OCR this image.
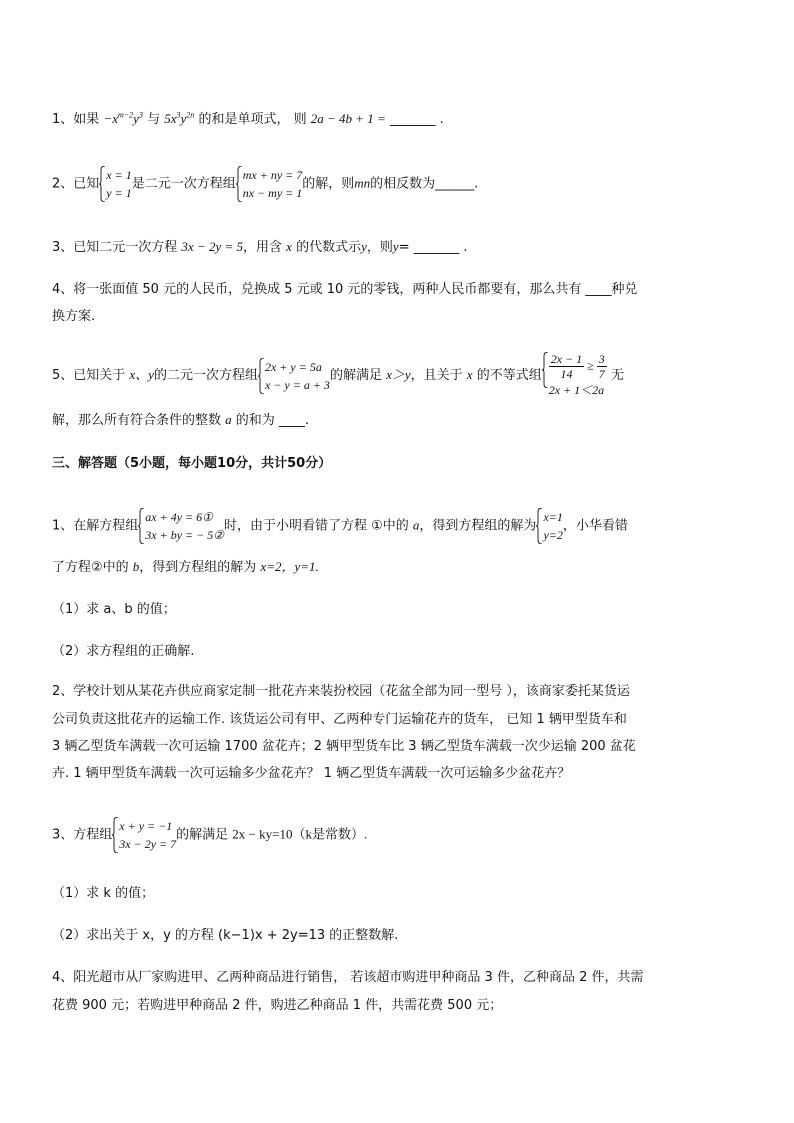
1、如果 $-x^{m-2}y^3$ 与 $5x^3y^{2n}$ 的和是单项式， 则 2a − 4b + 1 = _______ .
2、已知
x = 1
y = 1
是二元一次方程组
mx + ny = 7
nx − my = 1
的解，则mn的相反数为______.
3、已知二元一次方程 3x − 2y = 5，用含 x 的代数式示y，则y= _______ .
4、将一张面值 50 元的人民币，兑换成 5 元或 10 元的零钱，两种人民币都要有，那么共有 ____种兑
换方案.
5、已知关于 x、y的二元一次方程组
2x + y = 5a
x − y = a + 3
的解满足 x＞y，且关于 x 的不等式组 $\frac{2x - 1}{14} \ge \frac{3}{7}$
2x + 1＜2a
无
解，那么所有符合条件的整数 a 的和为 ____.
三、解答题（5小题，每小题10分，共计50分）
1、在解方程组
ax + 4y = 6①
3x + by = − 5②
时，由于小明看错了方程 ①中的 a，得到方程组的解为
x=1
y=2
，小华看错
了方程②中的 b，得到方程组的解为 x=2，y=1.
（1）求 a、b 的值；
（2）求方程组的正确解.
2、学校计划从某花卉供应商家定制一批花卉来装扮校园（花盆全部为同一型号 ），该商家委托某货运
公司负责这批花卉的运输工作. 该货运公司有甲、乙两种专门运输花卉的货车， 已知 1 辆甲型货车和
3 辆乙型货车满载一次可运输 1700 盆花卉；2 辆甲型货车比 3 辆乙型货车满载一次少运输 200 盆花
卉. 1 辆甲型货车满载一次可运输多少盆花卉？ 1 辆乙型货车满载一次可运输多少盆花卉？
3、方程组
x + y = −1
3x − 2y = 7
的解满足 2x − ky=10（k是常数）.
（1）求 k 的值；
（2）求出关于 x，y 的方程 (k−1)x + 2y=13 的正整数解.
4、阳光超市从厂家购进甲、乙两种商品进行销售， 若该超市购进甲种商品 3 件，乙种商品 2 件，共需
花费 900 元；若购进甲种商品 2 件，购进乙种商品 1 件，共需花费 500 元；
